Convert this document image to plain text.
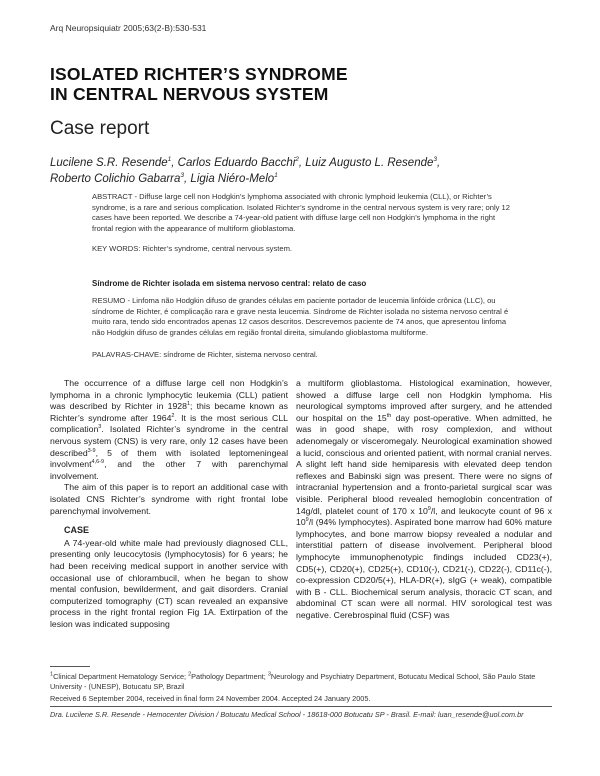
Arq Neuropsiquiatr 2005;63(2-B):530-531
ISOLATED RICHTER’S SYNDROME
IN CENTRAL NERVOUS SYSTEM
Case report
Lucilene S.R. Resende$^1$, Carlos Eduardo Bacchi$^2$, Luiz Augusto L. Resende$^3$,
Roberto Colichio Gabarra$^3$, Ligia Niéro-Melo$^1$
ABSTRACT - Diffuse large cell non Hodgkin’s lymphoma associated with chronic lymphoid leukemia (CLL), or Richter’s syndrome, is a rare and serious complication. Isolated Richter’s syndrome in the central nervous system is very rare; only 12 cases have been reported. We describe a 74-year-old patient with diffuse large cell non Hodgkin’s lymphoma in the right frontal region with the appearance of multiform glioblastoma.
KEY WORDS: Richter’s syndrome, central nervous system.
Síndrome de Richter isolada em sistema nervoso central: relato de caso
RESUMO - Linfoma não Hodgkin difuso de grandes células em paciente portador de leucemia linfóide crônica (LLC), ou síndrome de Richter, é complicação rara e grave nesta leucemia. Síndrome de Richter isolada no sistema nervoso central é muito rara, tendo sido encontrados apenas 12 casos descritos. Descrevemos paciente de 74 anos, que apresentou linfoma não Hodgkin difuso de grandes células em região frontal direita, simulando glioblastoma multiforme.
PALAVRAS-CHAVE: síndrome de Richter, sistema nervoso central.

The occurrence of a diffuse large cell non Hodgkin’s lymphoma in a chronic lymphocytic leukemia (CLL) patient was described by Richter in 1928$^1$; this became known as Richter’s syndrome after 1964$^2$. It is the most serious CLL complication$^3$. Isolated Richter’s syndrome in the central nervous system (CNS) is very rare, only 12 cases have been described$^{3-9}$, 5 of them with isolated leptomeningeal involvment$^{4,6-9}$, and the other 7 with parenchymal involvement.

The aim of this paper is to report an additional case with isolated CNS Richter’s syndrome with right frontal lobe parenchymal involvement.

CASE

A 74-year-old white male had previously diagnosed CLL, presenting only leucocytosis (lymphocytosis) for 6 years; he had been receiving medical support in another service with occasional use of chlorambucil, when he began to show mental confusion, bewilderment, and gait disorders. Cranial computerized tomography (CT) scan revealed an expansive process in the right frontal region Fig 1A. Extirpation of the lesion was indicated supposing

a multiform glioblastoma. Histological examination, however, showed a diffuse large cell non Hodgkin lymphoma. His neurological symptoms improved after surgery, and he attended our hospital on the 15th day post-operative. When admitted, he was in good shape, with rosy complexion, and without adenomegaly or visceromegaly. Neurological examination showed a lucid, conscious and oriented patient, with normal cranial nerves. A slight left hand side hemiparesis with elevated deep tendon reflexes and Babinski sign was present. There were no signs of intracranial hypertension and a fronto-parietal surgical scar was visible. Peripheral blood revealed hemoglobin concentration of 14g/dl, platelet count of 170 x $10^9/l$, and leukocyte count of 96 x $10^9/l$ (94% lymphocytes). Aspirated bone marrow had 60% mature lymphocytes, and bone marrow biopsy revealed a nodular and interstitial pattern of disease involvement. Peripheral blood lymphocyte immunophenotypic findings included CD23(+), CD5(+), CD20(+), CD25(+), CD10(-), CD21(-), CD22(-), CD11c(-), co-expression CD20/5(+), HLA-DR(+), sIgG (+ weak), compatible with B - CLL. Biochemical serum analysis, thoracic CT scan, and abdominal CT scan were all normal. HIV sorological test was negative. Cerebrospinal fluid (CSF) was

$^1$Clinical Department Hematology Service; $^2$Pathology Department; $^3$Neurology and Psychiatry Department, Botucatu Medical School, São Paulo State University - (UNESP), Botucatu SP, Brazil
Received 6 September 2004, received in final form 24 November 2004. Accepted 24 January 2005.
Dra. Lucilene S.R. Resende - Hemocenter Division / Botucatu Medical School - 18618-000 Botucatu SP - Brasil. E-mail: luan_resende@uol.com.br
